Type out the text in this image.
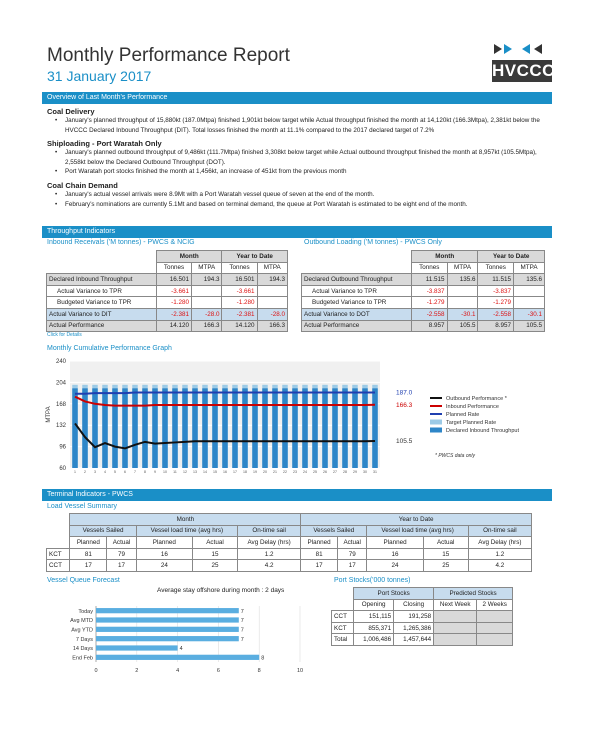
Monthly Performance Report
31 January 2017	HVCCC
Overview of Last Month's Performance
Coal Delivery
• January's planned throughput of 15,880kt (187.0Mtpa) finished 1,901kt below target while Actual throughput finished the month at 14,120kt (166.3Mtpa), 2,381kt below the HVCCC Declared Inbound Throughput (DIT). Total losses finished the month at 11.1% compared to the 2017 declared target of 7.2%
Shiploading - Port Waratah Only
• January's planned outbound throughput of 9,486kt (111.7Mtpa) finished 3,308kt below target while Actual outbound throughput finished the month at 8,957kt (105.5Mtpa), 2,558kt below the Declared Outbound Throughput (DOT).
• Port Waratah port stocks finished the month at 1,456kt, an increase of 451kt from the previous month
Coal Chain Demand
• January's actual vessel arrivals were 8.9Mt with a Port Waratah vessel queue of seven at the end of the month.
• February's nominations are currently 5.1Mt and based on terminal demand, the queue at Port Waratah is estimated to be eight end of the month.
Throughput Indicators
Inbound Receivals ('M tonnes) - PWCS & NCIG	Outbound Loading ('M tonnes) - PWCS Only
	Month		Year to Date	
	Tonnes	MTPA	Tonnes	MTPA
Declared Inbound Throughput	16.501	194.3	16.501	194.3
Actual Variance to TPR	-3.661		-3.661	
Budgeted Variance to TPR	-1.280		-1.280	
Actual Variance to DIT	-2.381	-28.0	-2.381	-28.0
Actual Performance	14.120	166.3	14.120	166.3
	Month		Year to Date	
	Tonnes	MTPA	Tonnes	MTPA
Declared Outbound Throughput	11.515	135.6	11.515	135.6
Actual Variance to TPR	-3.837		-3.837	
Budgeted Variance to TPR	-1.279		-1.279	
Actual Variance to DOT	-2.558	-30.1	-2.558	-30.1
Actual Performance	8.957	105.5	8.957	105.5
Click for Details
Monthly Cumulative Performance Graph
60
96
132
168
204
240
MTPA
1 2 3 4 5 6 7 8 9 10 11 12 13 14 15 16 17 18 19 20 21 22 23 24 25 26 27 28 29 30 31
187.0
166.3
105.5
Outbound Performance *
Inbound Performance
Planned Rate
Target Planned Rate
Declared Inbound Throughput
* PWCS data only
Terminal Indicators - PWCS
Load Vessel Summary
	Month					Year to Date				
	Vessels Sailed		Vessel load time (avg hrs)		On-time sail	Vessels Sailed		Vessel load time (avg hrs)		On-time sail
	Planned	Actual	Planned	Actual	Avg Delay (hrs)	Planned	Actual	Planned	Actual	Avg Delay (hrs)
KCT	81	79	16	15	1.2	81	79	16	15	1.2
CCT	17	17	24	25	4.2	17	17	24	25	4.2
Vessel Queue Forecast
Average stay offshore during month : 2 days
0	2	4	6	8	10
Today	7
Avg MTD	7
Avg YTD	7
7 Days	7
14 Days	4
End Feb	8
Port Stocks('000 tonnes)
	Port Stocks		Predicted Stocks	
	Opening	Closing	Next Week	2 Weeks
CCT	151,115	191,258		
KCT	855,371	1,265,386		
Total	1,006,486	1,457,644		
